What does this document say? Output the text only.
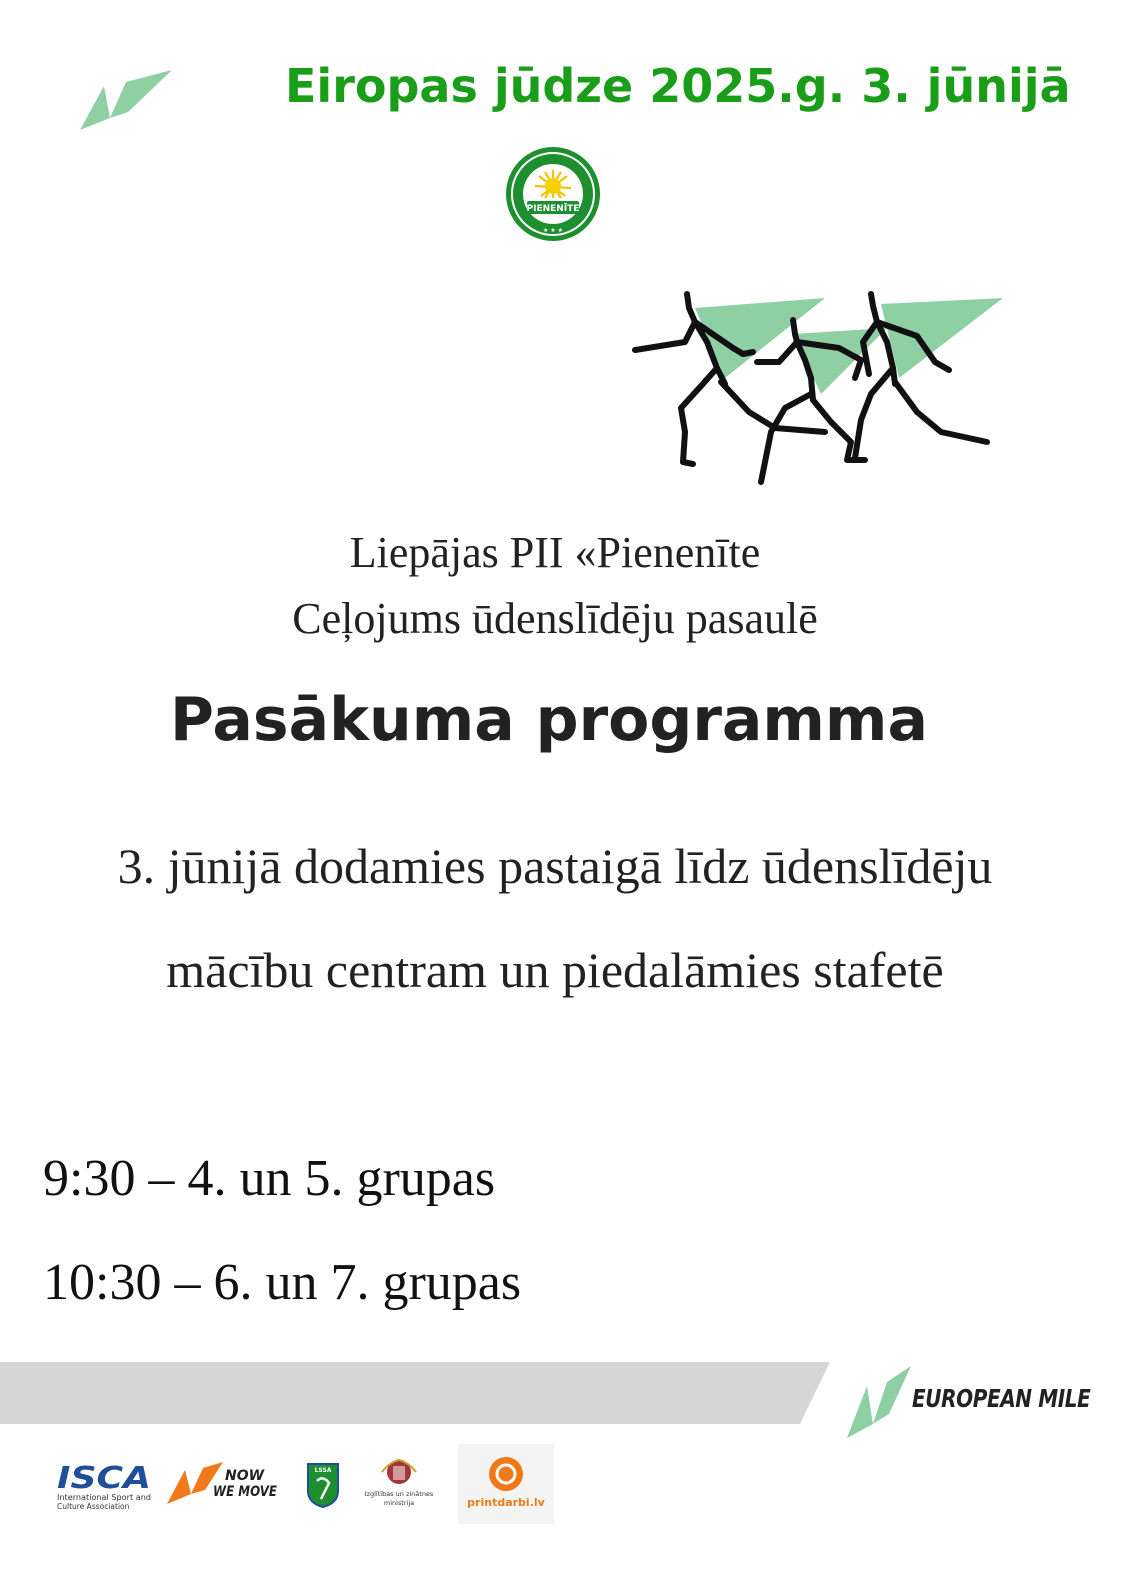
Eiropas jūdze 2025.g. 3. jūnijā
PIENENĪTE
★ ★ ★
Liepājas PII «Pienenīte
Ceļojums ūdenslīdēju pasaulē
Pasākuma programma
3. jūnijā dodamies pastaigā līdz ūdenslīdēju
mācību centram un piedalāmies stafetē
9:30 – 4. un 5. grupas
10:30 – 6. un 7. grupas
EUROPEAN MILE
ISCA
International Sport and
Culture Association
NOW
WE MOVE
LSSA
Izglītības un zinātnes
ministrija	printdarbi.lv
